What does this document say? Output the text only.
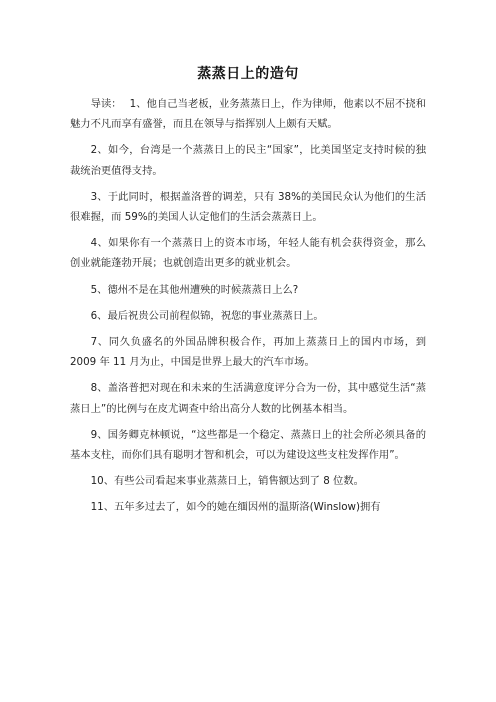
蒸蒸日上的造句

导读： 1、他自己当老板，业务蒸蒸日上，作为律师，他素以不屈不挠和魅力不凡而享有盛誉，而且在领导与指挥别人上颇有天赋。

2、如今，台湾是一个蒸蒸日上的民主“国家”，比美国坚定支持时候的独裁统治更值得支持。

3、于此同时，根据盖洛普的调差，只有 38%的美国民众认为他们的生活很难握，而 59%的美国人认定他们的生活会蒸蒸日上。

4、如果你有一个蒸蒸日上的资本市场，年轻人能有机会获得资金，那么创业就能蓬勃开展；也就创造出更多的就业机会。

5、德州不是在其他州遭殃的时候蒸蒸日上么?

6、最后祝贵公司前程似锦，祝您的事业蒸蒸日上。

7、同久负盛名的外国品牌积极合作，再加上蒸蒸日上的国内市场，到 2009 年 11 月为止，中国是世界上最大的汽车市场。

8、盖洛普把对现在和未来的生活满意度评分合为一份，其中感觉生活“蒸蒸日上”的比例与在皮尤调查中给出高分人数的比例基本相当。

9、国务卿克林顿说，“这些都是一个稳定、蒸蒸日上的社会所必须具备的基本支柱，而你们具有聪明才智和机会，可以为建设这些支柱发挥作用”。

10、有些公司看起来事业蒸蒸日上，销售额达到了 8 位数。

11、五年多过去了，如今的她在缅因州的温斯洛(Winslow)拥有
